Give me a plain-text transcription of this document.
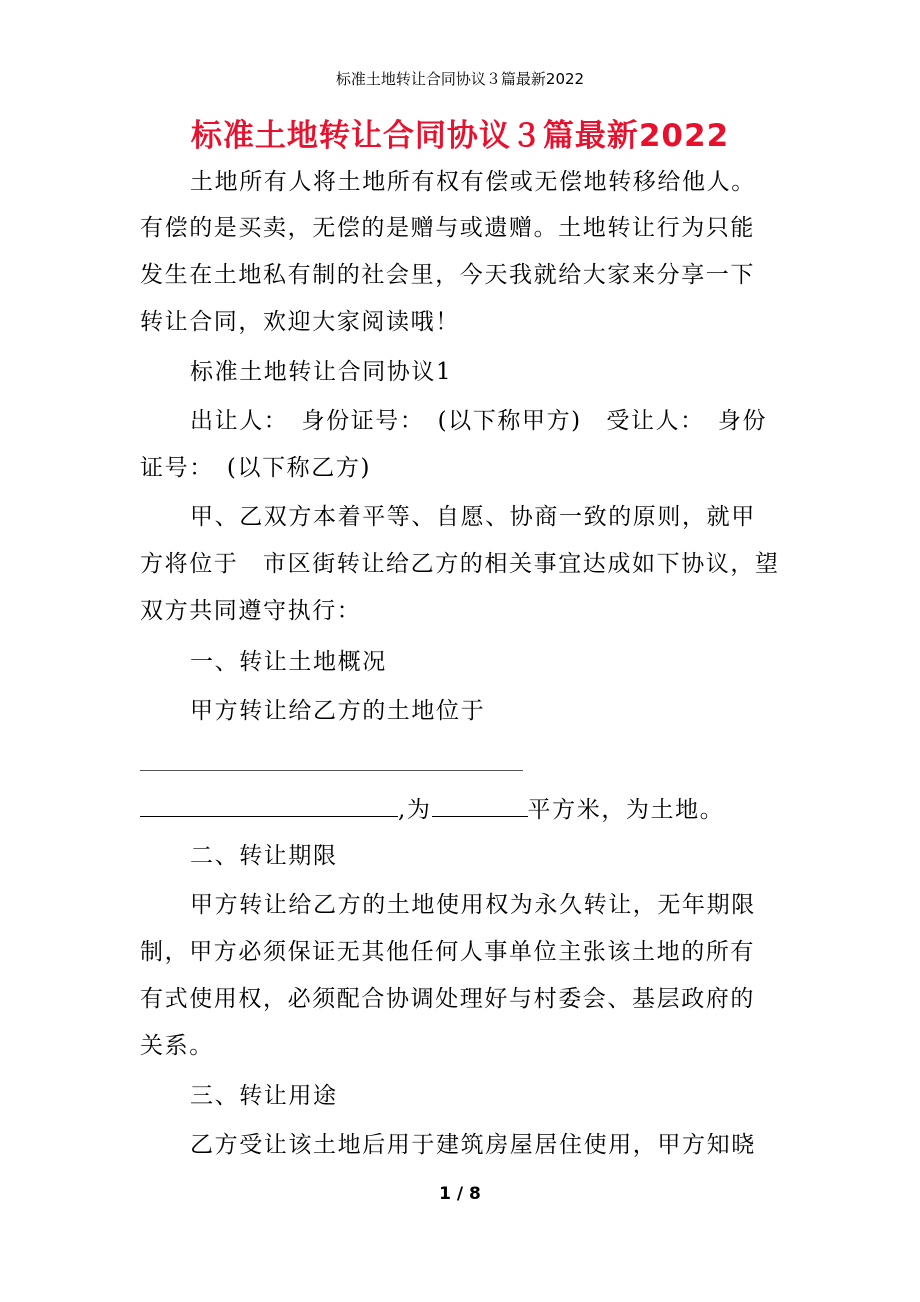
标准土地转让合同协议３篇最新2022
标准土地转让合同协议３篇最新2022
土地所有人将土地所有权有偿或无偿地转移给他人。
有偿的是买卖，无偿的是赠与或遗赠。土地转让行为只能
发生在土地私有制的社会里，今天我就给大家来分享一下
转让合同，欢迎大家阅读哦！
标准土地转让合同协议1
出让人：　身份证号：　(以下称甲方)　受让人：　身份
证号：　(以下称乙方)
甲、乙双方本着平等、自愿、协商一致的原则，就甲
方将位于　市区街转让给乙方的相关事宜达成如下协议，望
双方共同遵守执行：
一、转让土地概况
甲方转让给乙方的土地位于
,为	平方米，为土地。
二、转让期限
甲方转让给乙方的土地使用权为永久转让，无年期限
制，甲方必须保证无其他任何人事单位主张该土地的所有
有式使用权，必须配合协调处理好与村委会、基层政府的
关系。
三、转让用途
乙方受让该土地后用于建筑房屋居住使用，甲方知晓
1 / 8
